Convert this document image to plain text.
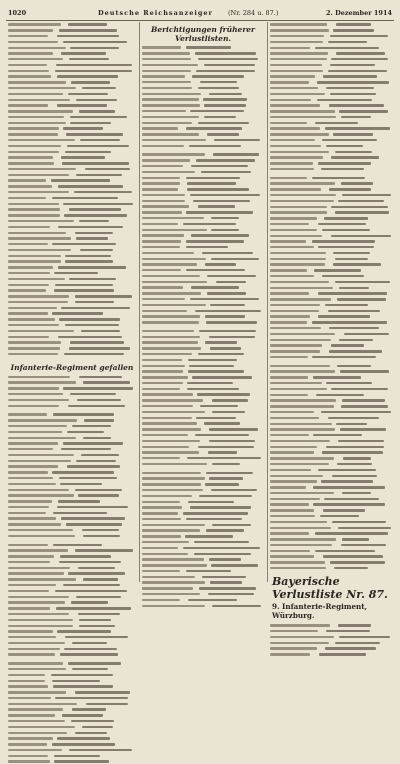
1020	Deutsche Reichsanzeiger (Nr. 284 u. 87.)	2. Dezember 1914
Infanterie-Regiment gefallen
Berichtigungen früherer Verlustlisten.
Bayerische Verlustliste Nr. 87.
9. Infanterie-Regiment, Würzburg.
